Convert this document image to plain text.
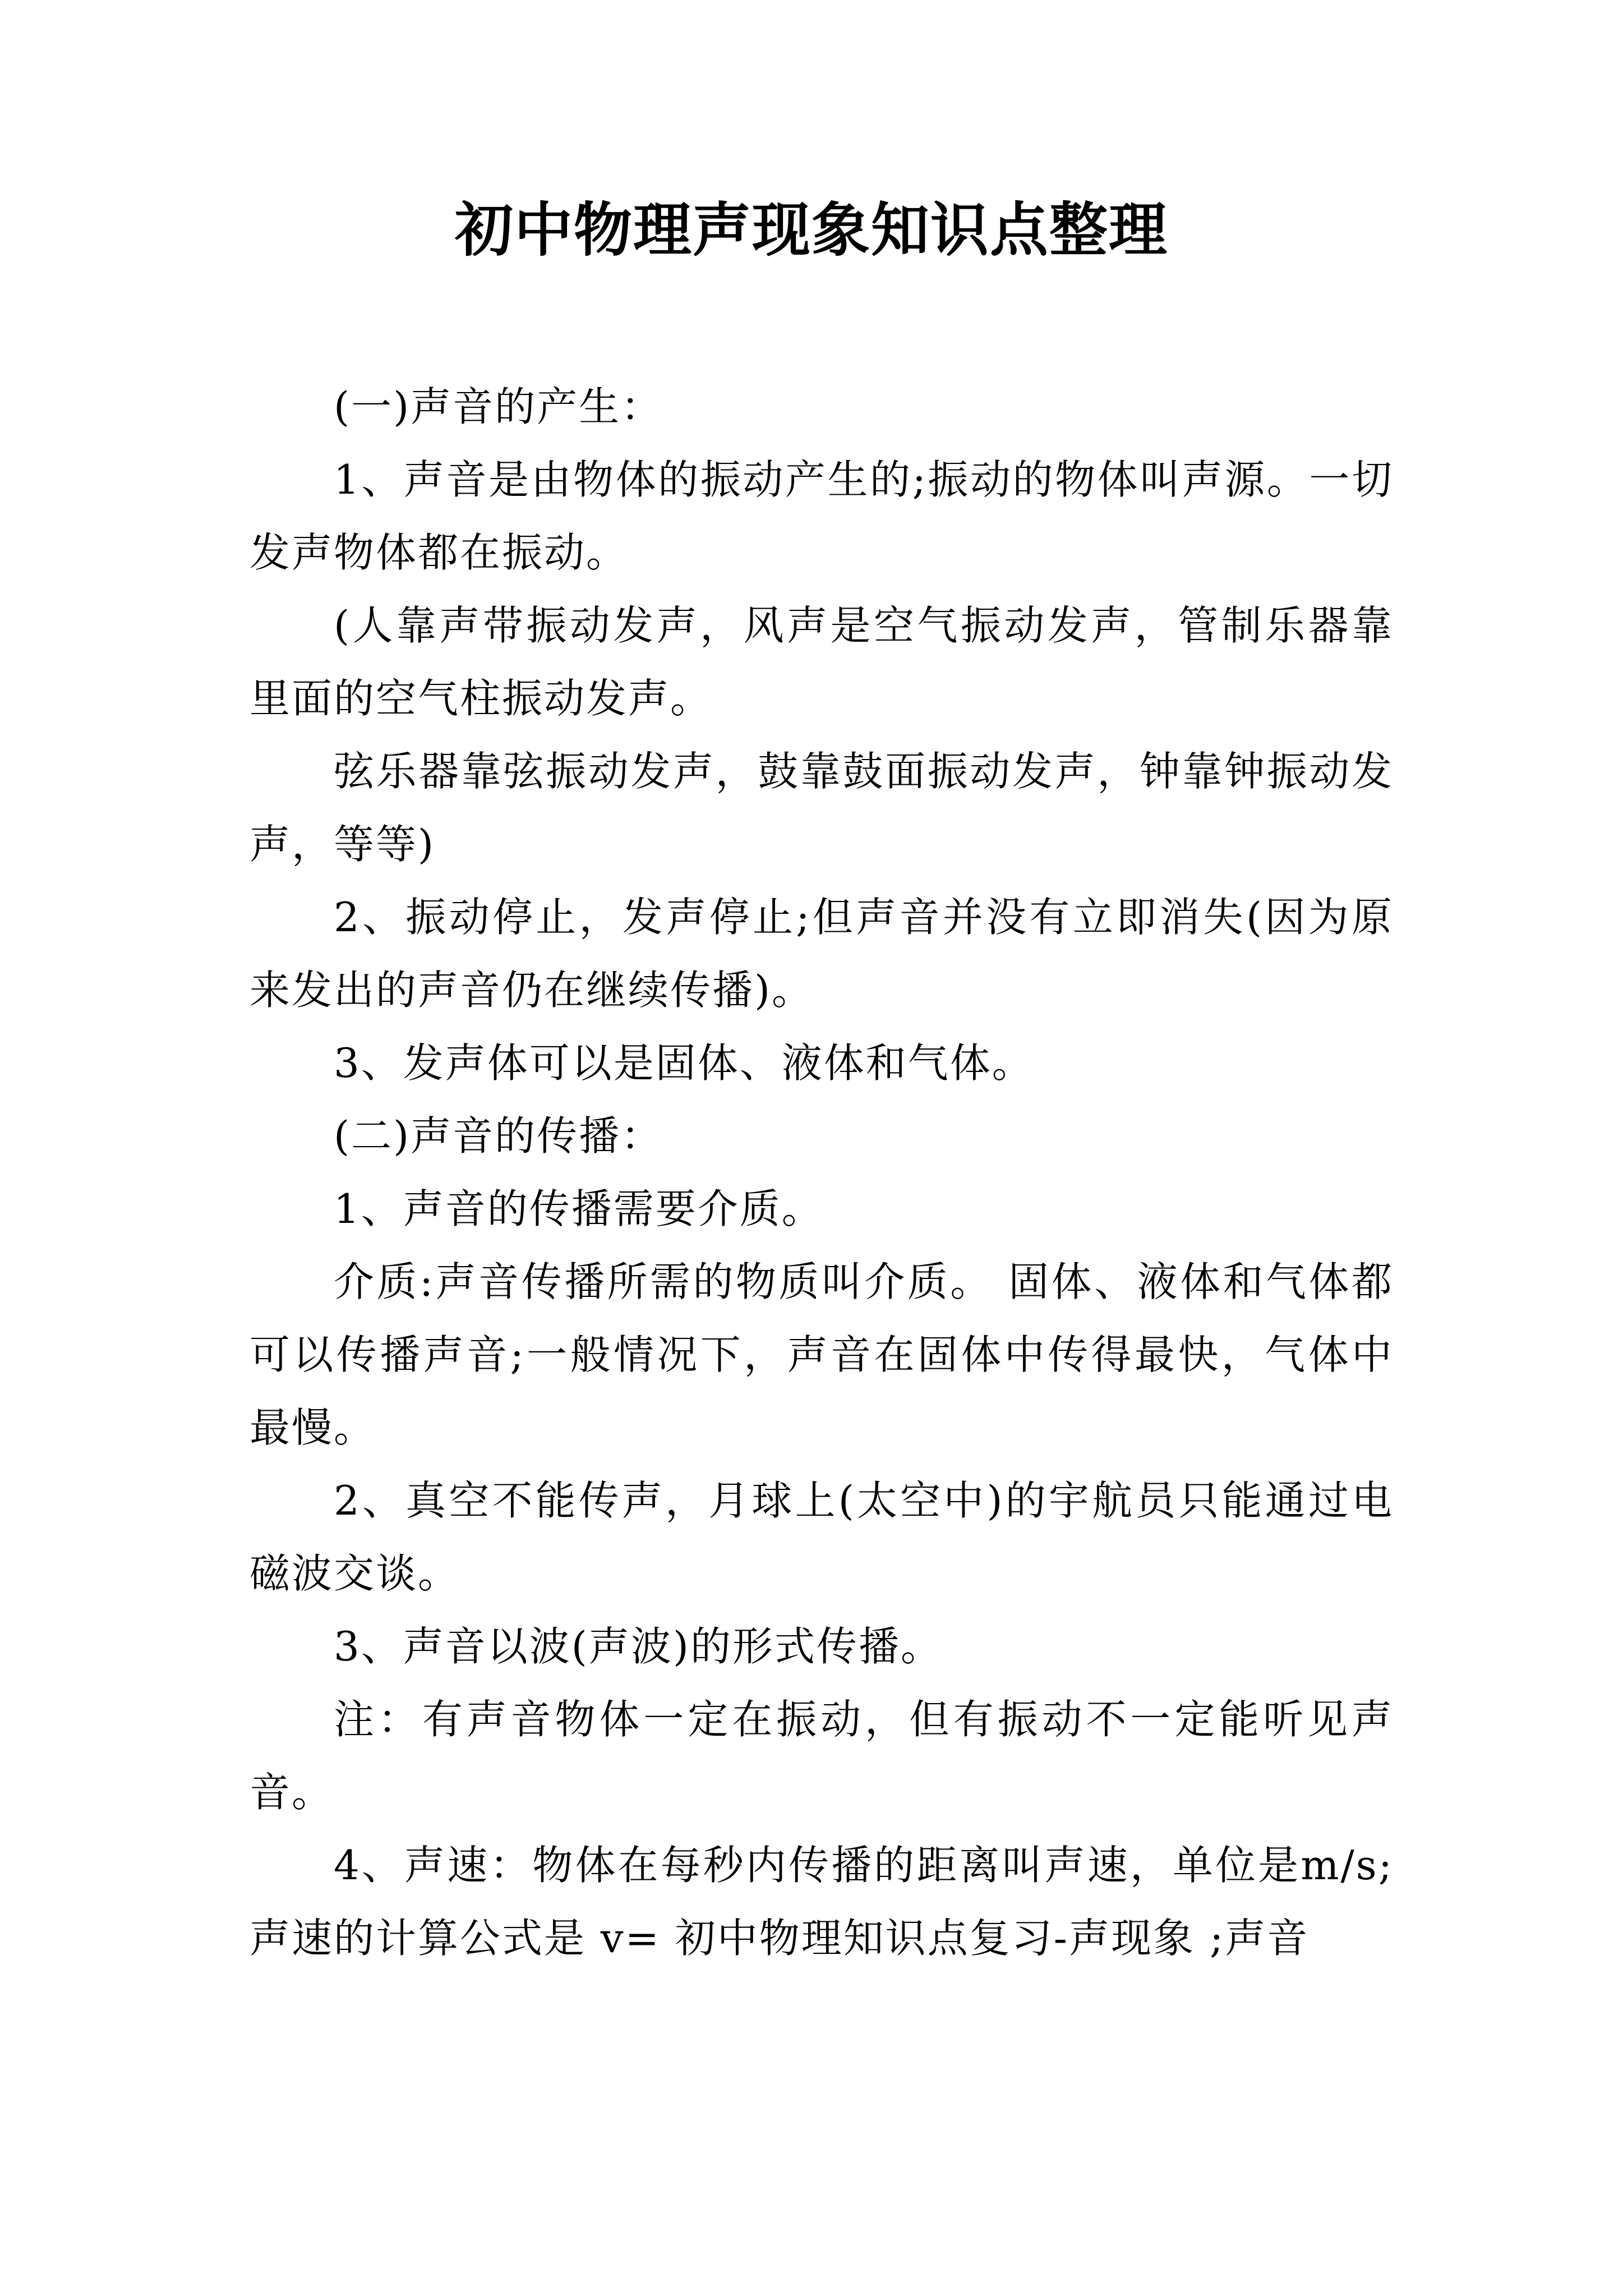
初中物理声现象知识点整理

(一)声音的产生：

1、声音是由物体的振动产生的;振动的物体叫声源。一切发声物体都在振动。

(人靠声带振动发声，风声是空气振动发声，管制乐器靠里面的空气柱振动发声。

弦乐器靠弦振动发声，鼓靠鼓面振动发声，钟靠钟振动发声，等等)

2、振动停止，发声停止;但声音并没有立即消失(因为原来发出的声音仍在继续传播)。

3、发声体可以是固体、液体和气体。

(二)声音的传播：

1、声音的传播需要介质。

介质:声音传播所需的物质叫介质。 固体、液体和气体都可以传播声音;一般情况下，声音在固体中传得最快，气体中最慢。

2、真空不能传声，月球上(太空中)的宇航员只能通过电磁波交谈。

3、声音以波(声波)的形式传播。

注：有声音物体一定在振动，但有振动不一定能听见声音。

4、声速：物体在每秒内传播的距离叫声速，单位是m/s;声速的计算公式是 v= 初中物理知识点复习-声现象 ;声音
